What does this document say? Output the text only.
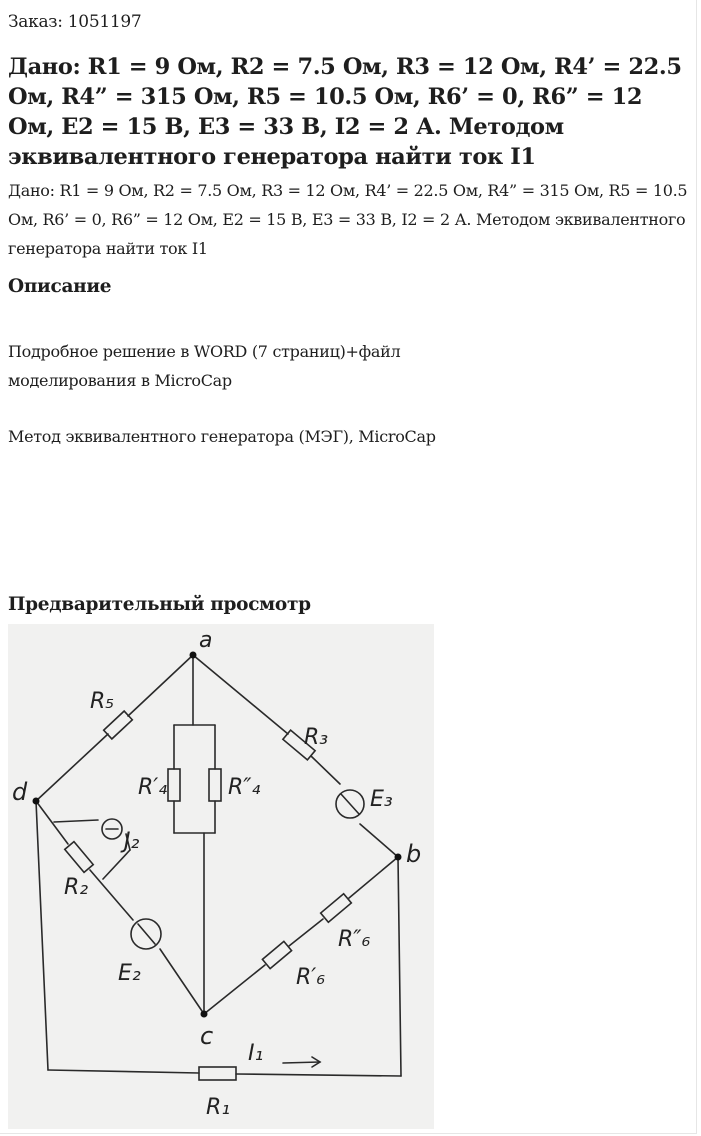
Заказ: 1051197
Дано: R1 = 9 Ом, R2 = 7.5 Ом, R3 = 12 Ом, R4’ = 22.5 Ом, R4” = 315 Ом, R5 = 10.5 Ом, R6’ = 0, R6” = 12 Ом, E2 = 15 В, E3 = 33 В, I2 = 2 А. Методом эквивалентного генератора найти ток I1
Дано: R1 = 9 Ом, R2 = 7.5 Ом, R3 = 12 Ом, R4’ = 22.5 Ом, R4” = 315 Ом, R5 = 10.5 Ом, R6’ = 0, R6” = 12 Ом, E2 = 15 В, E3 = 33 В, I2 = 2 А. Методом эквивалентного генератора найти ток I1
Описание
Подробное решение в WORD (7 страниц)+файл моделирования в MicroCap
Метод эквивалентного генератора (МЭГ), MicroCap
Предварительный просмотр
a
d
b
c
R₅
R₃
R′₄	R″₄	E₃
J₂
R₂
R″₆
R′₆
E₂
I₁
R₁
